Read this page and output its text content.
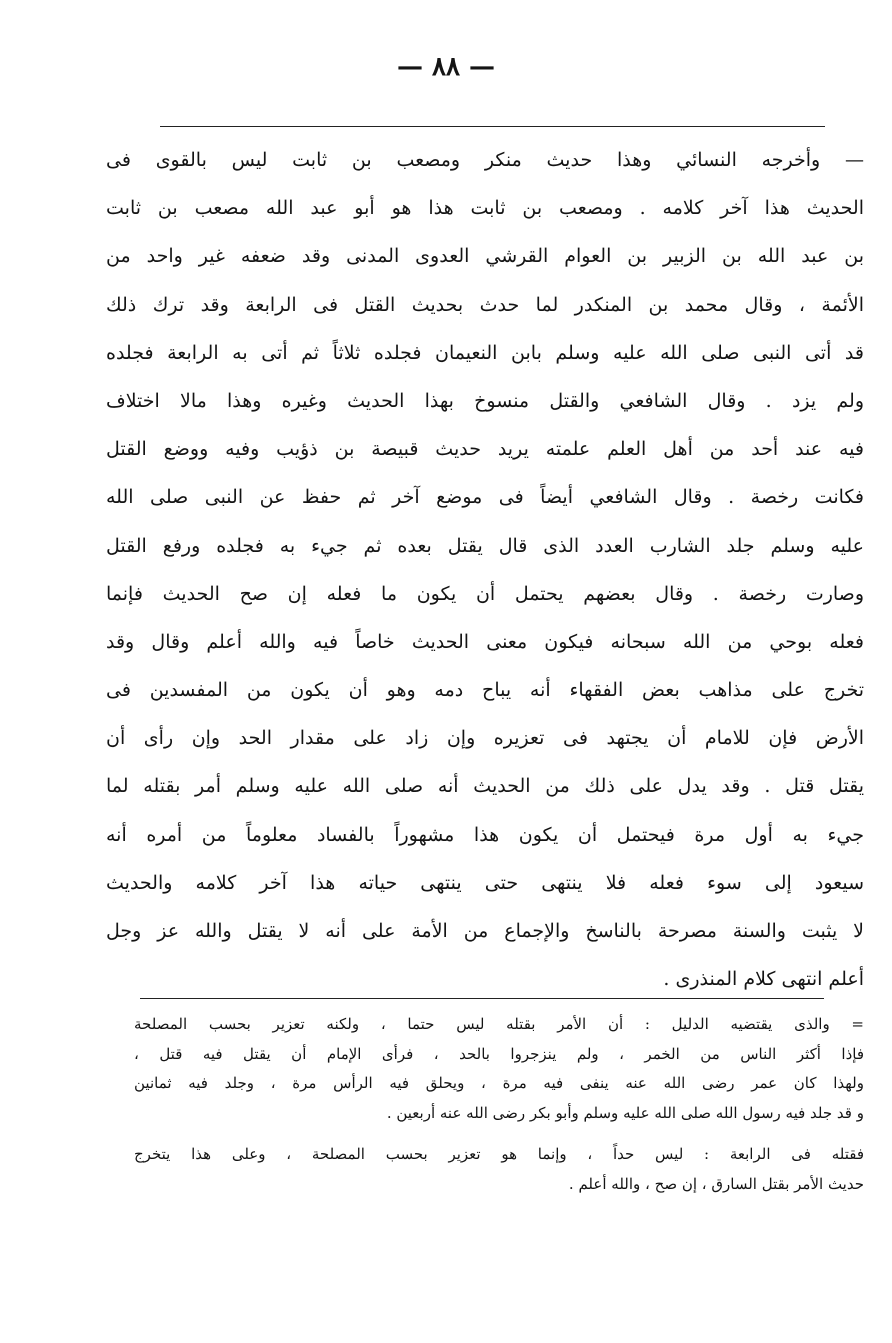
— ٨٨ —
— وأخرجه النسائي وهذا حديث منكر ومصعب بن ثابت ليس بالقوى فى
الحديث هذا آخر كلامه . ومصعب بن ثابت هذا هو أبو عبد الله مصعب بن ثابت
بن عبد الله بن الزبير بن العوام القرشي العدوى المدنى وقد ضعفه غير واحد من
الأئمة ، وقال محمد بن المنكدر لما حدث بحديث القتل فى الرابعة وقد ترك ذلك
قد أتى النبى صلى الله عليه وسلم بابن النعيمان فجلده ثلاثاً ثم أتى به الرابعة فجلده
ولم يزد . وقال الشافعي والقتل منسوخ بهذا الحديث وغيره وهذا مالا اختلاف
فيه عند أحد من أهل العلم علمته يريد حديث قبيصة بن ذؤيب وفيه ووضع القتل
فكانت رخصة . وقال الشافعي أيضاً فى موضع آخر ثم حفظ عن النبى صلى الله
عليه وسلم جلد الشارب العدد الذى قال يقتل بعده ثم جيء به فجلده ورفع القتل
وصارت رخصة . وقال بعضهم يحتمل أن يكون ما فعله إن صح الحديث فإنما
فعله بوحي من الله سبحانه فيكون معنى الحديث خاصاً فيه والله أعلم وقال وقد
تخرج على مذاهب بعض الفقهاء أنه يباح دمه وهو أن يكون من المفسدين فى
الأرض فإن للامام أن يجتهد فى تعزيره وإن زاد على مقدار الحد وإن رأى أن
يقتل قتل . وقد يدل على ذلك من الحديث أنه صلى الله عليه وسلم أمر بقتله لما
جيء به أول مرة فيحتمل أن يكون هذا مشهوراً بالفساد معلوماً من أمره أنه
سيعود إلى سوء فعله فلا ينتهى حتى ينتهى حياته هذا آخر كلامه والحديث
لا يثبت والسنة مصرحة بالناسخ والإجماع من الأمة على أنه لا يقتل والله عز وجل
أعلم انتهى كلام المنذرى .
= والذى يقتضيه الدليل : أن الأمر بقتله ليس حتما ، ولكنه تعزير بحسب المصلحة
فإذا أكثر الناس من الخمر ، ولم ينزجروا بالحد ، فرأى الإمام أن يقتل فيه قتل ،
ولهذا كان عمر رضى الله عنه ينفى فيه مرة ، ويحلق فيه الرأس مرة ، وجلد فيه ثمانين
و قد جلد فيه رسول الله صلى الله عليه وسلم وأبو بكر رضى الله عنه أربعين .
فقتله فى الرابعة : ليس حداً ، وإنما هو تعزير بحسب المصلحة ، وعلى هذا يتخرج
حديث الأمر بقتل السارق ، إن صح ، والله أعلم .
